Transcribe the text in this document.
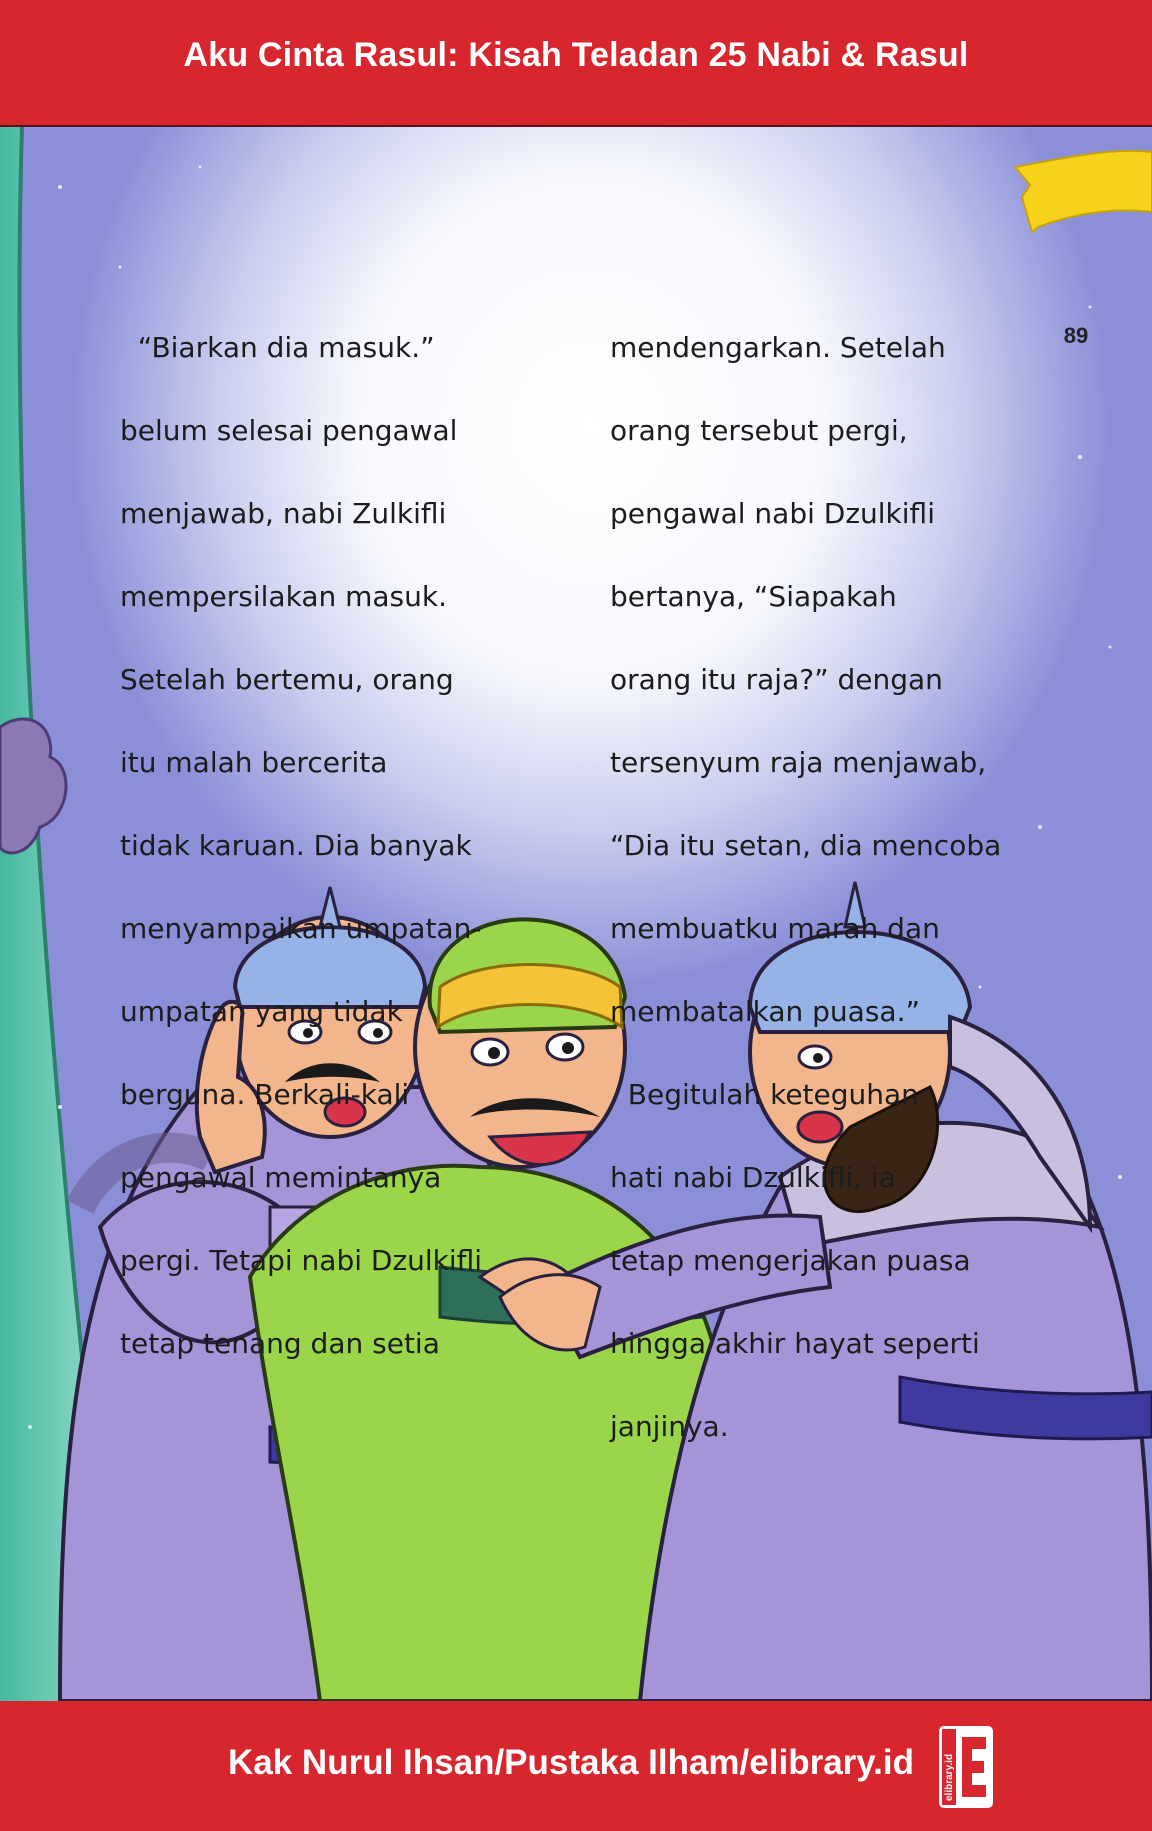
Aku Cinta Rasul: Kisah Teladan 25 Nabi & Rasul
89

“Biarkan dia masuk.”

belum selesai pengawal

menjawab, nabi Zulkifli

mempersilakan masuk.

Setelah bertemu, orang

itu malah bercerita

tidak karuan. Dia banyak

menyampaikan umpatan-

umpatan yang tidak

berguna. Berkali-kali

pengawal memintanya

pergi. Tetapi nabi Dzulkifli

tetap tenang dan setia

mendengarkan. Setelah

orang tersebut pergi,

pengawal nabi Dzulkifli

bertanya, “Siapakah

orang itu raja?” dengan

tersenyum raja menjawab,

“Dia itu setan, dia mencoba

membuatku marah dan

membatalkan puasa.”

Begitulah keteguhan

hati nabi Dzulkifli, ia

tetap mengerjakan puasa

hingga akhir hayat seperti

janjinya.

Kak Nurul Ihsan/Pustaka Ilham/elibrary.id	elibrary.id
